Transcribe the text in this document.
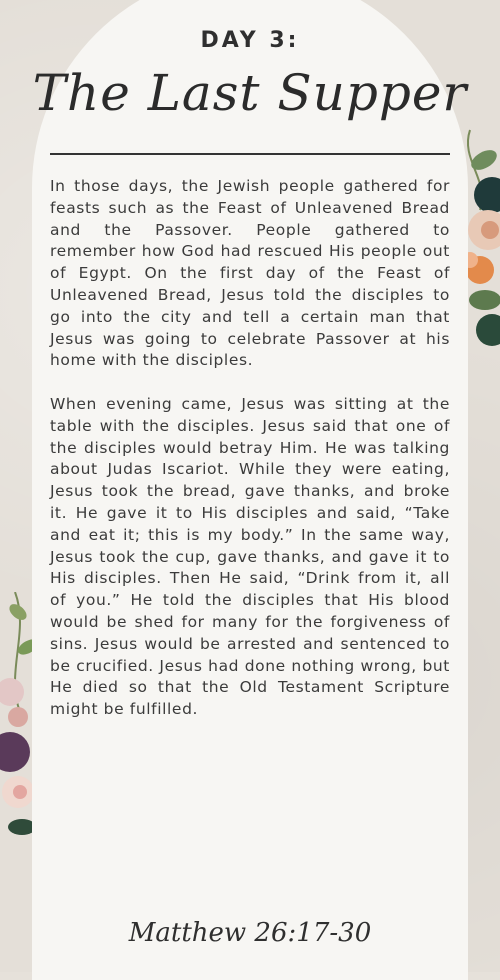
DAY 3:
The Last Supper

In those days, the Jewish people gathered for feasts such as the Feast of Unleavened Bread and the Passover. People gathered to remember how God had rescued His people out of Egypt. On the first day of the Feast of Unleavened Bread, Jesus told the disciples to go into the city and tell a certain man that Jesus was going to celebrate Passover at his home with the disciples.

When evening came, Jesus was sitting at the table with the disciples. Jesus said that one of the disciples would betray Him. He was talking about Judas Iscariot. While they were eating, Jesus took the bread, gave thanks, and broke it. He gave it to His disciples and said, “Take and eat it; this is my body.” In the same way, Jesus took the cup, gave thanks, and gave it to His disciples. Then He said, “Drink from it, all of you.” He told the disciples that His blood would be shed for many for the forgiveness of sins. Jesus would be arrested and sentenced to be crucified. Jesus had done nothing wrong, but He died so that the Old Testament Scripture might be fulfilled.

Matthew 26:17-30
